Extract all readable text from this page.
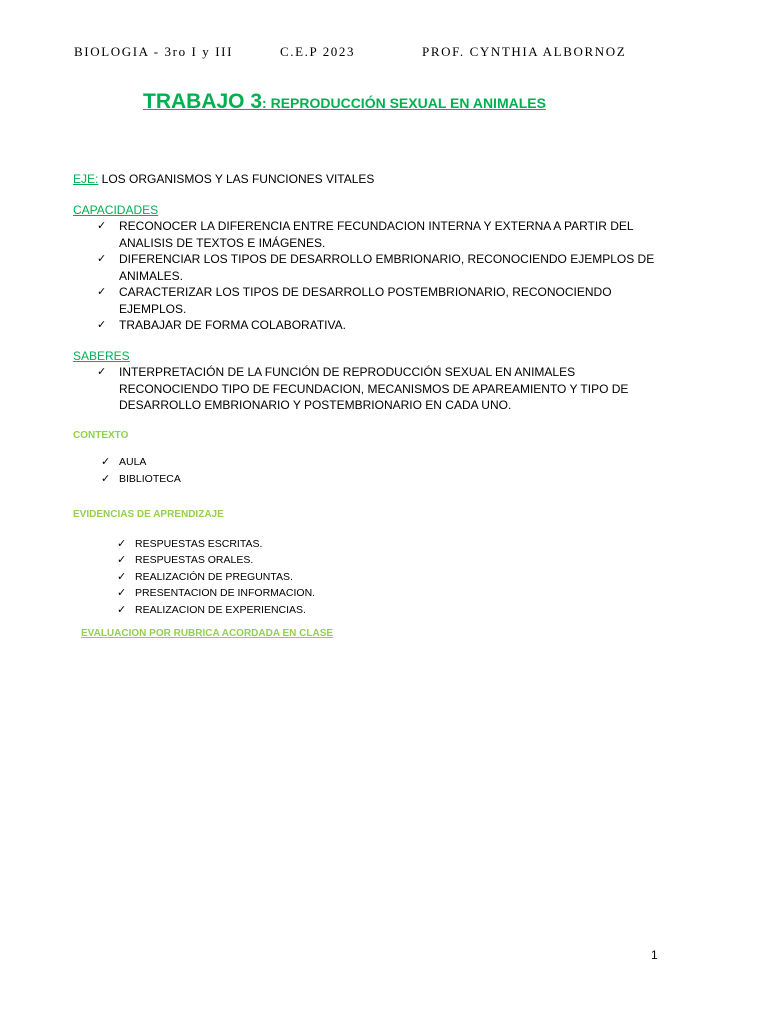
BIOLOGIA - 3ro I y III	C.E.P 2023	PROF. CYNTHIA ALBORNOZ
TRABAJO 3: REPRODUCCIÓN SEXUAL EN ANIMALES
EJE: LOS ORGANISMOS Y LAS FUNCIONES VITALES
CAPACIDADES
✓ RECONOCER LA DIFERENCIA ENTRE FECUNDACION INTERNA Y EXTERNA A PARTIR DEL ANALISIS DE TEXTOS E IMÁGENES.
✓ DIFERENCIAR LOS TIPOS DE DESARROLLO EMBRIONARIO, RECONOCIENDO EJEMPLOS DE ANIMALES.
✓ CARACTERIZAR LOS TIPOS DE DESARROLLO POSTEMBRIONARIO, RECONOCIENDO EJEMPLOS.
✓ TRABAJAR DE FORMA COLABORATIVA.
SABERES
✓ INTERPRETACIÓN DE LA FUNCIÓN DE REPRODUCCIÓN SEXUAL EN ANIMALES RECONOCIENDO TIPO DE FECUNDACION, MECANISMOS DE APAREAMIENTO Y TIPO DE DESARROLLO EMBRIONARIO Y POSTEMBRIONARIO EN CADA UNO.
CONTEXTO
✓ AULA
✓ BIBLIOTECA
EVIDENCIAS DE APRENDIZAJE
✓ RESPUESTAS ESCRITAS.
✓ RESPUESTAS ORALES.
✓ REALIZACIÓN DE PREGUNTAS.
✓ PRESENTACION DE INFORMACION.
✓ REALIZACION DE EXPERIENCIAS.
EVALUACION POR RUBRICA ACORDADA EN CLASE
1
